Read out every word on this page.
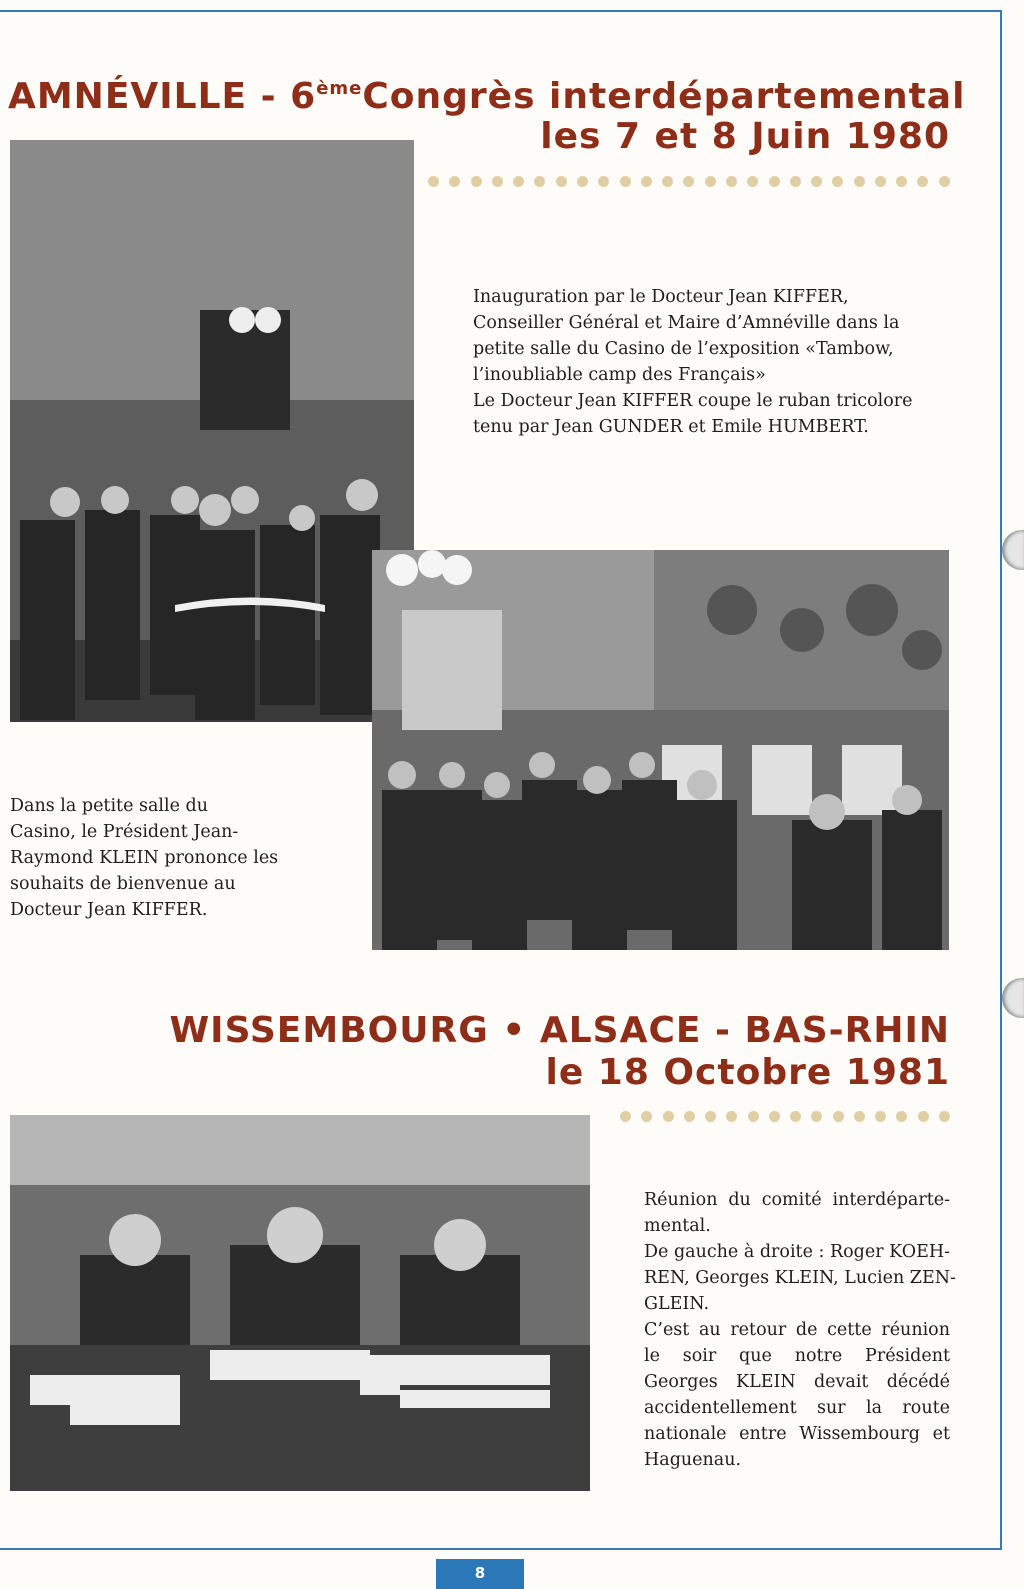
AMNÉVILLE - 6ème Congrès interdépartemental
les 7 et 8 Juin 1980
Inauguration par le Docteur Jean KIFFER,
Conseiller Général et Maire d’Amnéville dans la
petite salle du Casino de l’exposition «Tambow,
l’inoubliable camp des Français»
Le Docteur Jean KIFFER coupe le ruban tricolore
tenu par Jean GUNDER et Emile HUMBERT.
Dans la petite salle du
Casino, le Président Jean-
Raymond KLEIN prononce les
souhaits de bienvenue au
Docteur Jean KIFFER.
WISSEMBOURG • ALSACE - BAS-RHIN
le 18 Octobre 1981
Réunion du comité interdéparte-
mental.
De gauche à droite : Roger KOEH-
REN, Georges KLEIN, Lucien ZEN-
GLEIN.
C’est au retour de cette réunion
le soir que notre Président
Georges KLEIN devait décédé
accidentellement sur la route
nationale entre Wissembourg et
Haguenau.
8
